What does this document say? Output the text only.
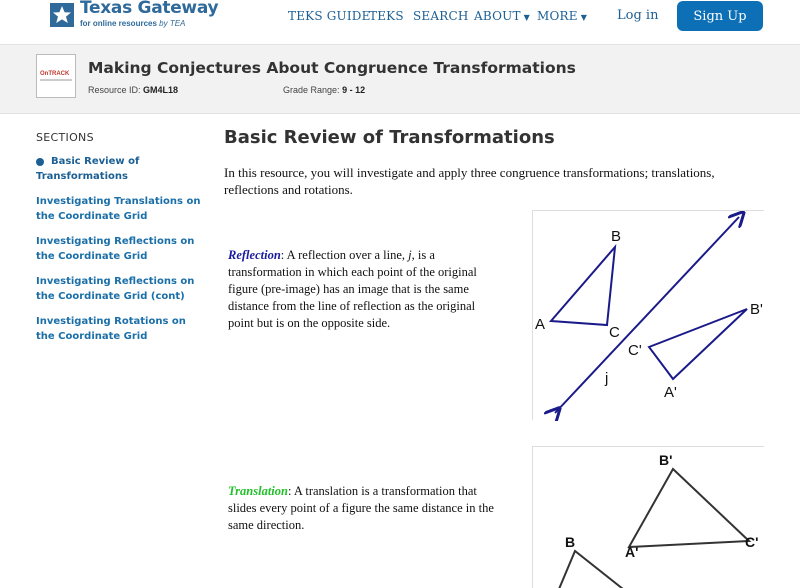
Texas Gateway
for online resources by TEA
TEKS GUIDE
TEKS SEARCH ABOUT ▼ MORE ▼ Log in	Sign Up
OnTRACK Making Conjectures About Congruence Transformations
Resource ID: GM4L18	Grade Range: 9 - 12
SECTIONS
Basic Review of Transformations
Investigating Translations on the Coordinate Grid
Investigating Reflections on the Coordinate Grid
Investigating Reflections on the Coordinate Grid (cont)
Investigating Rotations on the Coordinate Grid
Basic Review of Transformations

In this resource, you will investigate and apply three congruence transformations; translations, reflections and rotations.

Reflection: A reflection over a line, j, is a transformation in which each point of the original figure (pre-image) has an image that is the same distance from the line of reflection as the original point but is on the opposite side.

Translation: A translation is a transformation that slides every point of a figure the same distance in the same direction.

B
A	C
B'
C'
j
A'
B'
A'
C'
B
